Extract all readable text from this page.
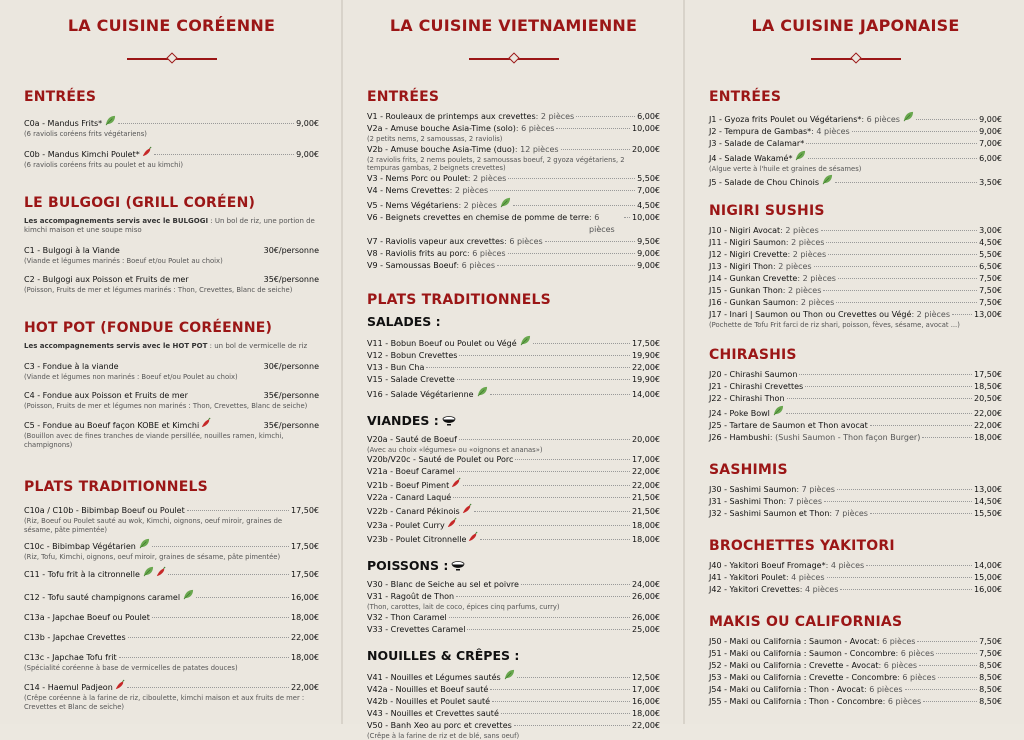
LA CUISINE CORÉENNE
ENTRÉES
C0a - Mandus Frits*	9,00€
(6 raviolis coréens frits végétariens)
C0b - Mandus Kimchi Poulet*	9,00€
(6 raviolis coréens frits au poulet et au kimchi)
LE BULGOGI (GRILL CORÉEN)
Les accompagnements servis avec le BULGOGI : Un bol de riz, une portion de kimchi maison et une soupe miso
C1 - Bulgogi à la Viande	30€/personne
(Viande et légumes marinés : Boeuf et/ou Poulet au choix)
C2 - Bulgogi aux Poisson et Fruits de mer	35€/personne
(Poisson, Fruits de mer et légumes marinés : Thon, Crevettes, Blanc de seiche)
HOT POT (FONDUE CORÉENNE)
Les accompagnements servis avec le HOT POT : un bol de vermicelle de riz
C3 - Fondue à la viande	30€/personne
(Viande et légumes non marinés : Boeuf et/ou Poulet au choix)
C4 - Fondue aux Poisson et Fruits de mer	35€/personne
(Poisson, Fruits de mer et légumes non marinés : Thon, Crevettes, Blanc de seiche)
C5 - Fondue au Boeuf façon KOBE et Kimchi	35€/personne
(Bouillon avec de fines tranches de viande persillée, nouilles ramen, kimchi, champignons)
PLATS TRADITIONNELS
C10a / C10b - Bibimbap Boeuf ou Poulet	17,50€
(Riz, Boeuf ou Poulet sauté au wok, Kimchi, oignons, oeuf miroir, graines de sésame, pâte pimentée)
C10c - Bibimbap Végétarien	17,50€
(Riz, Tofu, Kimchi, oignons, oeuf miroir, graines de sésame, pâte pimentée)
C11 - Tofu frit à la citronnelle	17,50€
C12 - Tofu sauté champignons caramel	16,00€
C13a - Japchae Boeuf ou Poulet	18,00€
C13b - Japchae Crevettes	22,00€
C13c - Japchae Tofu frit	18,00€
(Spécialité coréenne à base de vermicelles de patates douces)
C14 - Haemul Padjeon	22,00€
(Crêpe coréenne à la farine de riz, ciboulette, kimchi maison et aux fruits de mer : Crevettes et Blanc de seiche)
LA CUISINE VIETNAMIENNE
ENTRÉES
V1 - Rouleaux de printemps aux crevettes : 2 pièces	6,00€
V2a - Amuse bouche Asia-Time (solo) : 6 pièces	10,00€
(2 petits nems, 2 samoussas, 2 raviolis)
V2b - Amuse bouche Asia-Time (duo) : 12 pièces	20,00€
(2 raviolis frits, 2 nems poulets, 2 samoussas boeuf, 2 gyoza végétariens, 2 tempuras gambas, 2 beignets crevettes)
V3 - Nems Porc ou Poulet : 2 pièces	5,50€
V4 - Nems Crevettes : 2 pièces	7,00€
V5 - Nems Végétariens : 2 pièces	4,50€
V6 - Beignets crevettes en chemise de pomme de terre : 6 pièces
10,00€
V7 - Raviolis vapeur aux crevettes : 6 pièces	9,50€
V8 - Raviolis frits au porc : 6 pièces	9,00€
V9 - Samoussas Boeuf : 6 pièces	9,00€
PLATS TRADITIONNELS
SALADES :
V11 - Bobun Boeuf ou Poulet ou Végé	17,50€
V12 - Bobun Crevettes	19,90€
V13 - Bun Cha	22,00€
V15 - Salade Crevette	19,90€
V16 - Salade Végétarienne	14,00€
VIANDES :
V20a - Sauté de Boeuf	20,00€
(Avec au choix «légumes» ou «oignons et ananas»)
V20b/V20c - Sauté de Poulet ou Porc	17,00€
V21a - Boeuf Caramel	22,00€
V21b - Boeuf Piment	22,00€
V22a - Canard Laqué	21,50€
V22b - Canard Pékinois	21,50€
V23a - Poulet Curry	18,00€
V23b - Poulet Citronnelle	18,00€
POISSONS :
V30 - Blanc de Seiche au sel et poivre	24,00€
V31 - Ragoût de Thon	26,00€
(Thon, carottes, lait de coco, épices cinq parfums, curry)
V32 - Thon Caramel	26,00€
V33 - Crevettes Caramel	25,00€
NOUILLES & CRÊPES :
V41 - Nouilles et Légumes sautés	12,50€
V42a - Nouilles et Boeuf sauté	17,00€
V42b - Nouilles et Poulet sauté	16,00€
V43 - Nouilles et Crevettes sauté	18,00€
V50 - Banh Xeo au porc et crevettes	22,00€
(Crêpe à la farine de riz et de blé, sans oeuf)
LA CUISINE JAPONAISE
ENTRÉES
J1 - Gyoza frits Poulet ou Végétariens* : 6 pièces	9,00€
J2 - Tempura de Gambas* : 4 pièces	9,00€
J3 - Salade de Calamar*	7,00€
J4 - Salade Wakamé*	6,00€
(Algue verte à l'huile et graines de sésames)
J5 - Salade de Chou Chinois	3,50€
NIGIRI SUSHIS
J10 - Nigiri Avocat : 2 pièces	3,00€
J11 - Nigiri Saumon : 2 pièces	4,50€
J12 - Nigiri Crevette : 2 pièces	5,50€
J13 - Nigiri Thon : 2 pièces	6,50€
J14 - Gunkan Crevette : 2 pièces	7,50€
J15 - Gunkan Thon : 2 pièces	7,50€
J16 - Gunkan Saumon : 2 pièces	7,50€
J17 - Inari | Saumon ou Thon ou Crevettes ou Végé : 2 pièces	13,00€
(Pochette de Tofu Frit farci de riz shari, poisson, fèves, sésame, avocat ...)
CHIRASHIS
J20 - Chirashi Saumon	17,50€
J21 - Chirashi Crevettes	18,50€
J22 - Chirashi Thon	20,50€
J24 - Poke Bowl	22,00€
J25 - Tartare de Saumon et Thon avocat	22,00€
J26 - Hambushi : (Sushi Saumon - Thon façon Burger)	18,00€
SASHIMIS
J30 - Sashimi Saumon : 7 pièces	13,00€
J31 - Sashimi Thon : 7 pièces	14,50€
J32 - Sashimi Saumon et Thon : 7 pièces	15,50€
BROCHETTES YAKITORI
J40 - Yakitori Boeuf Fromage* : 4 pièces	14,00€
J41 - Yakitori Poulet : 4 pièces	15,00€
J42 - Yakitori Crevettes : 4 pièces	16,00€
MAKIS OU CALIFORNIAS
J50 - Maki ou California : Saumon - Avocat : 6 pièces	7,50€
J51 - Maki ou California : Saumon - Concombre : 6 pièces	7,50€
J52 - Maki ou California : Crevette - Avocat : 6 pièces	8,50€
J53 - Maki ou California : Crevette - Concombre : 6 pièces	8,50€
J54 - Maki ou California : Thon - Avocat : 6 pièces	8,50€
J55 - Maki ou California : Thon - Concombre : 6 pièces	8,50€
